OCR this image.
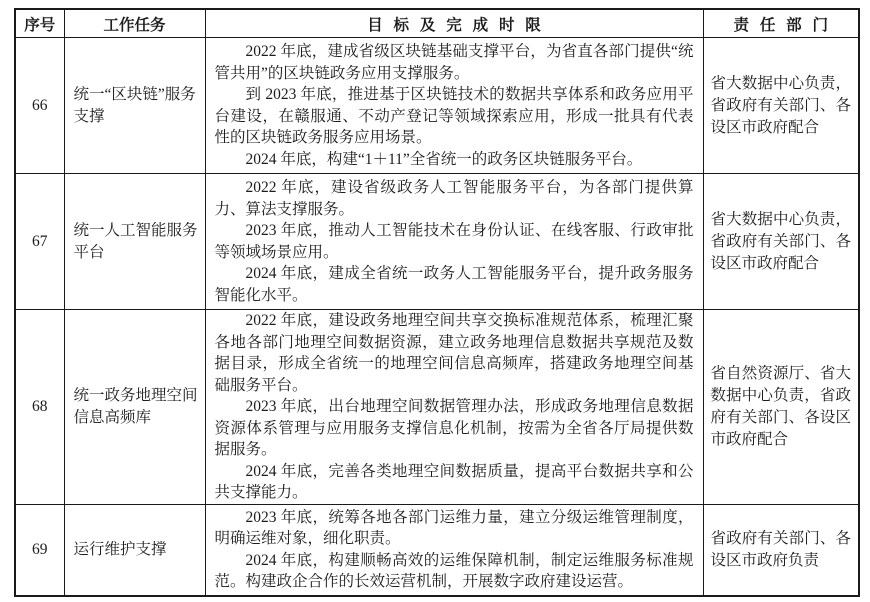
序号	工作任务	目标及完成时限	责任部门
66	统一“区块链”服务支撑	2022 年底，建成省级区块链基础支撑平台，为省直各部门提供“统管共用”的区块链政务应用支撑服务。

到 2023 年底，推进基于区块链技术的数据共享体系和政务应用平台建设，在赣服通、不动产登记等领域探索应用，形成一批具有代表性的区块链政务服务应用场景。

2024 年底，构建“1＋11”全省统一的政务区块链服务平台。	省大数据中心负责，省政府有关部门、各设区市政府配合
67	统一人工智能服务平台	2022 年底，建设省级政务人工智能服务平台，为各部门提供算力、算法支撑服务。

2023 年底，推动人工智能技术在身份认证、在线客服、行政审批等领域场景应用。

2024 年底，建成全省统一政务人工智能服务平台，提升政务服务智能化水平。	省大数据中心负责，省政府有关部门、各设区市政府配合
68	统一政务地理空间信息高频库	2022 年底，建设政务地理空间共享交换标准规范体系，梳理汇聚各地各部门地理空间数据资源，建立政务地理信息数据共享规范及数据目录，形成全省统一的地理空间信息高频库，搭建政务地理空间基础服务平台。

2023 年底，出台地理空间数据管理办法，形成政务地理信息数据资源体系管理与应用服务支撑信息化机制，按需为全省各厅局提供数据服务。

2024 年底，完善各类地理空间数据质量，提高平台数据共享和公共支撑能力。	省自然资源厅、省大数据中心负责，省政府有关部门、各设区市政府配合
69	运行维护支撑	2023 年底，统筹各地各部门运维力量，建立分级运维管理制度，明确运维对象，细化职责。

2024 年底，构建顺畅高效的运维保障机制，制定运维服务标准规范。构建政企合作的长效运营机制，开展数字政府建设运营。	省政府有关部门、各设区市政府负责
